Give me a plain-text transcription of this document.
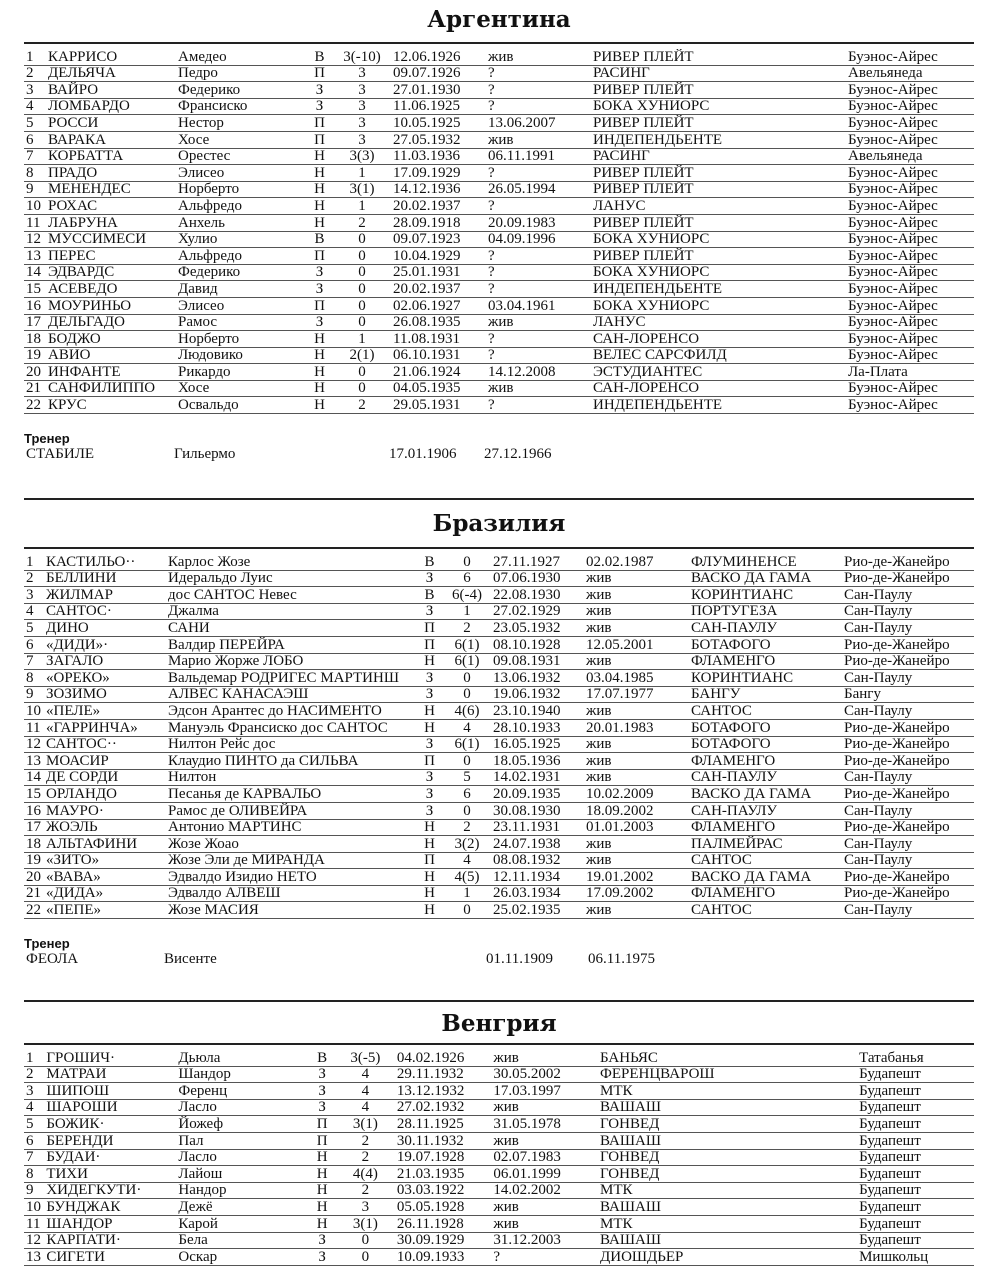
Аргентина
1	КАРРИСО	Амедео	В	3(-10)	12.06.1926	жив	РИВЕР ПЛЕЙТ	Буэнос-Айрес
2	ДЕЛЬЯЧА	Педро	П	3	09.07.1926	?	РАСИНГ	Авельянеда
3	ВАЙРО	Федерико	З	3	27.01.1930	?	РИВЕР ПЛЕЙТ	Буэнос-Айрес
4	ЛОМБАРДО	Франсиско	З	3	11.06.1925	?	БОКА ХУНИОРС	Буэнос-Айрес
5	РОССИ	Нестор	П	3	10.05.1925	13.06.2007	РИВЕР ПЛЕЙТ	Буэнос-Айрес
6	ВАРАКА	Хосе	П	3	27.05.1932	жив	ИНДЕПЕНДЬЕНТЕ	Буэнос-Айрес
7	КОРБАТТА	Орестес	Н	3(3)	11.03.1936	06.11.1991	РАСИНГ	Авельянеда
8	ПРАДО	Элисео	Н	1	17.09.1929	?	РИВЕР ПЛЕЙТ	Буэнос-Айрес
9	МЕНЕНДЕС	Норберто	Н	3(1)	14.12.1936	26.05.1994	РИВЕР ПЛЕЙТ	Буэнос-Айрес
10	РОХАС	Альфредо	Н	1	20.02.1937	?	ЛАНУС	Буэнос-Айрес
11	ЛАБРУНА	Анхель	Н	2	28.09.1918	20.09.1983	РИВЕР ПЛЕЙТ	Буэнос-Айрес
12	МУССИМЕСИ	Хулио	В	0	09.07.1923	04.09.1996	БОКА ХУНИОРС	Буэнос-Айрес
13	ПЕРЕС	Альфредо	П	0	10.04.1929	?	РИВЕР ПЛЕЙТ	Буэнос-Айрес
14	ЭДВАРДС	Федерико	З	0	25.01.1931	?	БОКА ХУНИОРС	Буэнос-Айрес
15	АСЕВЕДО	Давид	З	0	20.02.1937	?	ИНДЕПЕНДЬЕНТЕ	Буэнос-Айрес
16	МОУРИНЬО	Элисео	П	0	02.06.1927	03.04.1961	БОКА ХУНИОРС	Буэнос-Айрес
17	ДЕЛЬГАДО	Рамос	З	0	26.08.1935	жив	ЛАНУС	Буэнос-Айрес
18	БОДЖО	Норберто	Н	1	11.08.1931	?	САН-ЛОРЕНСО	Буэнос-Айрес
19	АВИО	Людовико	Н	2(1)	06.10.1931	?	ВЕЛЕС САРСФИЛД	Буэнос-Айрес
20	ИНФАНТЕ	Рикардо	Н	0	21.06.1924	14.12.2008	ЭСТУДИАНТЕС	Ла-Плата
21	САНФИЛИППО	Хосе	Н	0	04.05.1935	жив	САН-ЛОРЕНСО	Буэнос-Айрес
22	КРУС	Освальдо	Н	2	29.05.1931	?	ИНДЕПЕНДЬЕНТЕ	Буэнос-Айрес
Тренер
СТАБИЛЕ	Гильермо	17.01.1906 27.12.1966
Бразилия
1	КАСТИЛЬО··	Карлос Жозе	В	0	27.11.1927	02.02.1987	ФЛУМИНЕНСЕ	Рио-де-Жанейро
2	БЕЛЛИНИ	Идеральдо Луис	З	6	07.06.1930	жив	ВАСКО ДА ГАМА	Рио-де-Жанейро
3	ЖИЛМАР	дос САНТОС Невес	В	6(-4)	22.08.1930	жив	КОРИНТИАНС	Сан-Паулу
4	САНТОС·	Джалма	З	1	27.02.1929	жив	ПОРТУГЕЗА	Сан-Паулу
5	ДИНО	САНИ	П	2	23.05.1932	жив	САН-ПАУЛУ	Сан-Паулу
6	«ДИДИ»·	Валдир ПЕРЕЙРА	П	6(1)	08.10.1928	12.05.2001	БОТАФОГО	Рио-де-Жанейро
7	ЗАГАЛО	Марио Жорже ЛОБО	Н	6(1)	09.08.1931	жив	ФЛАМЕНГО	Рио-де-Жанейро
8	«ОРЕКО»	Вальдемар РОДРИГЕС МАРТИНШ	З	0	13.06.1932	03.04.1985	КОРИНТИАНС	Сан-Паулу
9	ЗОЗИМО	АЛВЕС КАНАСАЭШ	З	0	19.06.1932	17.07.1977	БАНГУ	Бангу
10	«ПЕЛЕ»	Эдсон Арантес до НАСИМЕНТО	Н	4(6)	23.10.1940	жив	САНТОС	Сан-Паулу
11	«ГАРРИНЧА»	Мануэль Франсиско дос САНТОС	Н	4	28.10.1933	20.01.1983	БОТАФОГО	Рио-де-Жанейро
12	САНТОС··	Нилтон Рейс дос	З	6(1)	16.05.1925	жив	БОТАФОГО	Рио-де-Жанейро
13	МОАСИР	Клаудио ПИНТО да СИЛЬВА	П	0	18.05.1936	жив	ФЛАМЕНГО	Рио-де-Жанейро
14	ДЕ СОРДИ	Нилтон	З	5	14.02.1931	жив	САН-ПАУЛУ	Сан-Паулу
15	ОРЛАНДО	Песанья де КАРВАЛЬО	З	6	20.09.1935	10.02.2009	ВАСКО ДА ГАМА	Рио-де-Жанейро
16	МАУРО·	Рамос де ОЛИВЕЙРА	З	0	30.08.1930	18.09.2002	САН-ПАУЛУ	Сан-Паулу
17	ЖОЭЛЬ	Антонио МАРТИНС	Н	2	23.11.1931	01.01.2003	ФЛАМЕНГО	Рио-де-Жанейро
18	АЛЬТАФИНИ	Жозе Жоао	Н	3(2)	24.07.1938	жив	ПАЛМЕЙРАС	Сан-Паулу
19	«ЗИТО»	Жозе Эли де МИРАНДА	П	4	08.08.1932	жив	САНТОС	Сан-Паулу
20	«ВАВА»	Эдвалдо Изидио НЕТО	Н	4(5)	12.11.1934	19.01.2002	ВАСКО ДА ГАМА	Рио-де-Жанейро
21	«ДИДА»	Эдвалдо АЛВЕШ	Н	1	26.03.1934	17.09.2002	ФЛАМЕНГО	Рио-де-Жанейро
22	«ПЕПЕ»	Жозе МАСИЯ	Н	0	25.02.1935	жив	САНТОС	Сан-Паулу
Тренер
ФЕОЛА	Висенте	01.11.1909 06.11.1975
Венгрия
1	ГРОШИЧ·	Дьюла	В	3(-5)	04.02.1926	жив	БАНЬЯС	Татабанья
2	МАТРАИ	Шандор	З	4	29.11.1932	30.05.2002	ФЕРЕНЦВАРОШ	Будапешт
3	ШИПОШ	Ференц	З	4	13.12.1932	17.03.1997	МТК	Будапешт
4	ШАРОШИ	Ласло	З	4	27.02.1932	жив	ВАШАШ	Будапешт
5	БОЖИК·	Йожеф	П	3(1)	28.11.1925	31.05.1978	ГОНВЕД	Будапешт
6	БЕРЕНДИ	Пал	П	2	30.11.1932	жив	ВАШАШ	Будапешт
7	БУДАИ·	Ласло	Н	2	19.07.1928	02.07.1983	ГОНВЕД	Будапешт
8	ТИХИ	Лайош	Н	4(4)	21.03.1935	06.01.1999	ГОНВЕД	Будапешт
9	ХИДЕГКУТИ·	Нандор	Н	2	03.03.1922	14.02.2002	МТК	Будапешт
10	БУНДЖАК	Дежё	Н	3	05.05.1928	жив	ВАШАШ	Будапешт
11	ШАНДОР	Карой	Н	3(1)	26.11.1928	жив	МТК	Будапешт
12	КАРПАТИ·	Бела	З	0	30.09.1929	31.12.2003	ВАШАШ	Будапешт
13	СИГЕТИ	Оскар	З	0	10.09.1933	?	ДИОШДЬЕР	Мишкольц
